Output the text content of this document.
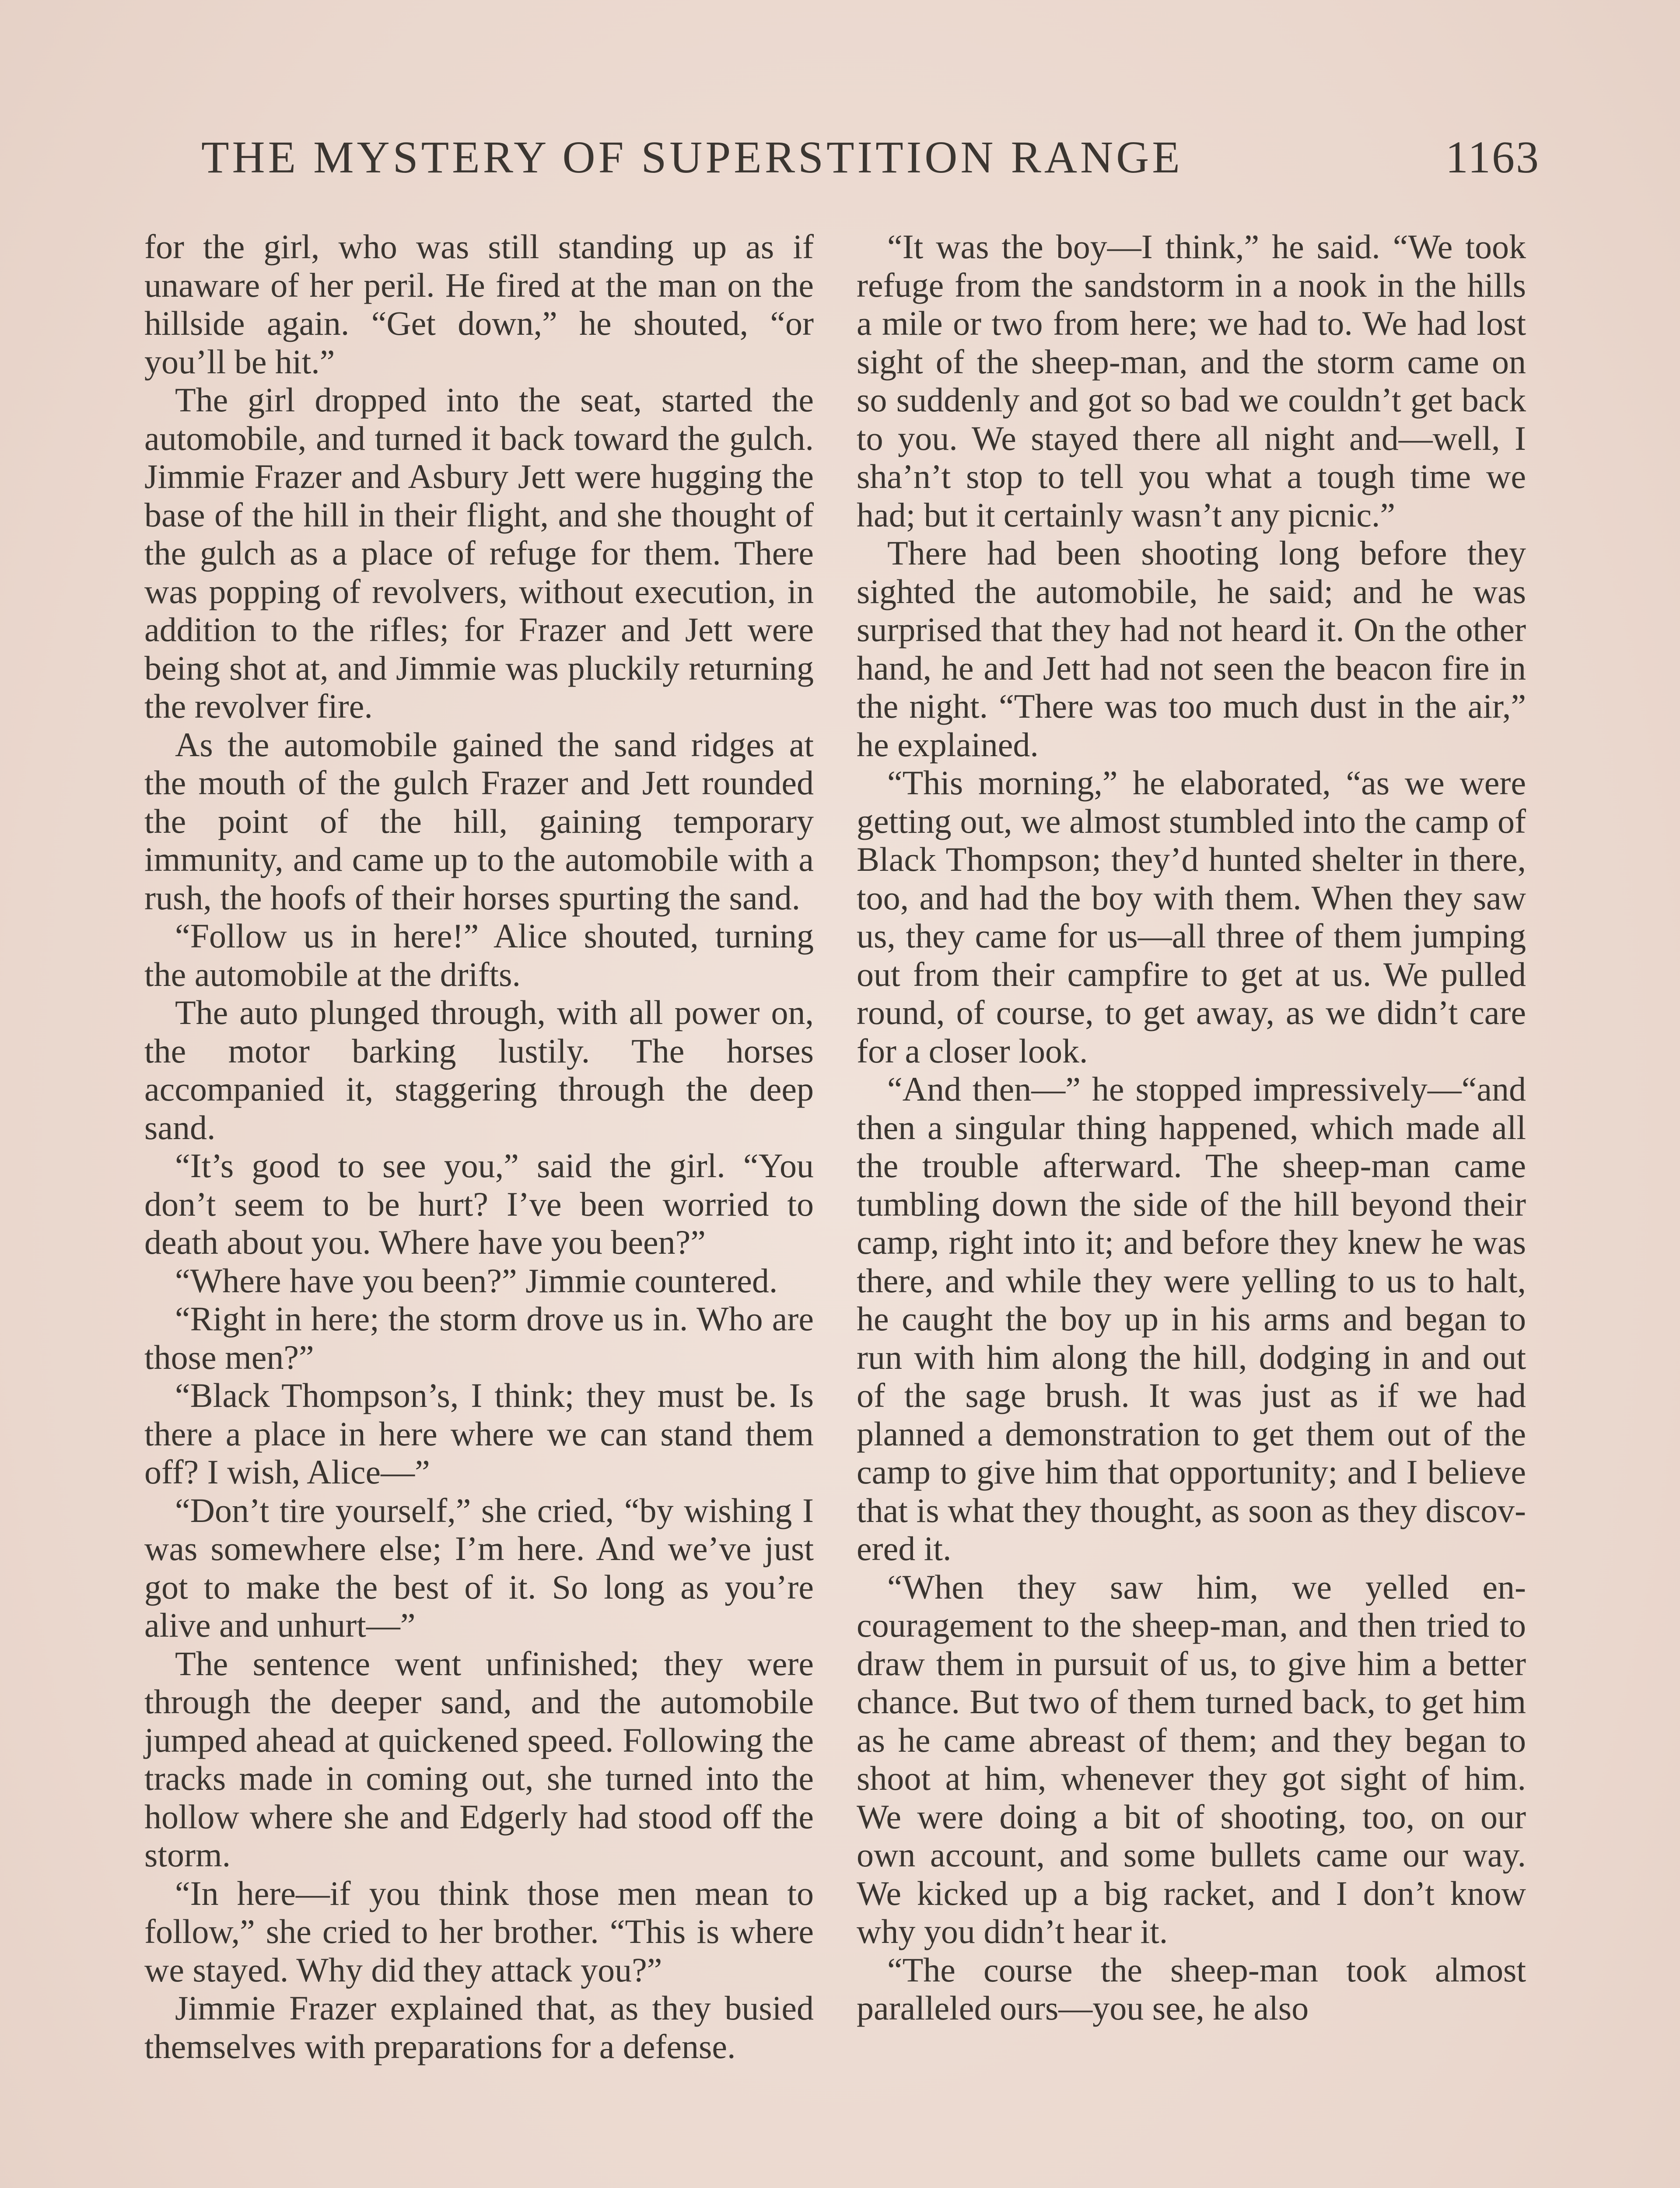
THE MYSTERY OF SUPERSTITION RANGE	1163

for the girl, who was still standing up as if unaware of her peril. He fired at the man on the hillside again. “Get down,” he shouted, “or you’ll be hit.”

The girl dropped into the seat, started the automobile, and turned it back toward the gulch. Jimmie Frazer and Asbury Jett were hugging the base of the hill in their flight, and she thought of the gulch as a place of refuge for them. There was popping of revolvers, without execution, in addition to the rifles; for Frazer and Jett were being shot at, and Jimmie was pluckily returning the revolver fire.

As the automobile gained the sand ridges at the mouth of the gulch Frazer and Jett rounded the point of the hill, gaining temporary immunity, and came up to the automobile with a rush, the hoofs of their horses spurting the sand.

“Follow us in here!” Alice shouted, turning the automobile at the drifts.

The auto plunged through, with all power on, the motor barking lustily. The horses accompanied it, staggering through the deep sand.

“It’s good to see you,” said the girl. “You don’t seem to be hurt? I’ve been worried to death about you. Where have you been?”

“Where have you been?” Jimmie countered.

“Right in here; the storm drove us in. Who are those men?”

“Black Thompson’s, I think; they must be. Is there a place in here where we can stand them off? I wish, Alice—”

“Don’t tire yourself,” she cried, “by wishing I was somewhere else; I’m here. And we’ve just got to make the best of it. So long as you’re alive and unhurt—”

The sentence went unfinished; they were through the deeper sand, and the automobile jumped ahead at quickened speed. Following the tracks made in coming out, she turned into the hollow where she and Edgerly had stood off the storm.

“In here—if you think those men mean to follow,” she cried to her brother. “This is where we stayed. Why did they attack you?”

Jimmie Frazer explained that, as they busied themselves with preparations for a defense.

“It was the boy—I think,” he said. “We took refuge from the sandstorm in a nook in the hills a mile or two from here; we had to. We had lost sight of the sheep-man, and the storm came on so suddenly and got so bad we couldn’t get back to you. We stayed there all night and—well, I sha’n’t stop to tell you what a tough time we had; but it certainly wasn’t any picnic.”

There had been shooting long before they sighted the automobile, he said; and he was surprised that they had not heard it. On the other hand, he and Jett had not seen the beacon fire in the night. “There was too much dust in the air,” he explained.

“This morning,” he elaborated, “as we were getting out, we almost stumbled into the camp of Black Thompson; they’d hunted shelter in there, too, and had the boy with them. When they saw us, they came for us—all three of them jumping out from their campfire to get at us. We pulled round, of course, to get away, as we didn’t care for a closer look.

“And then—” he stopped impressively—“and then a singular thing happened, which made all the trouble afterward. The sheep-man came tumbling down the side of the hill beyond their camp, right into it; and before they knew he was there, and while they were yelling to us to halt, he caught the boy up in his arms and began to run with him along the hill, dodging in and out of the sage brush. It was just as if we had planned a demonstration to get them out of the camp to give him that opportunity; and I believe that is what they thought, as soon as they discovered it.

“When they saw him, we yelled encouragement to the sheep-man, and then tried to draw them in pursuit of us, to give him a better chance. But two of them turned back, to get him as he came abreast of them; and they began to shoot at him, whenever they got sight of him. We were doing a bit of shooting, too, on our own account, and some bullets came our way. We kicked up a big racket, and I don’t know why you didn’t hear it.

“The course the sheep-man took almost paralleled ours—you see, he also
